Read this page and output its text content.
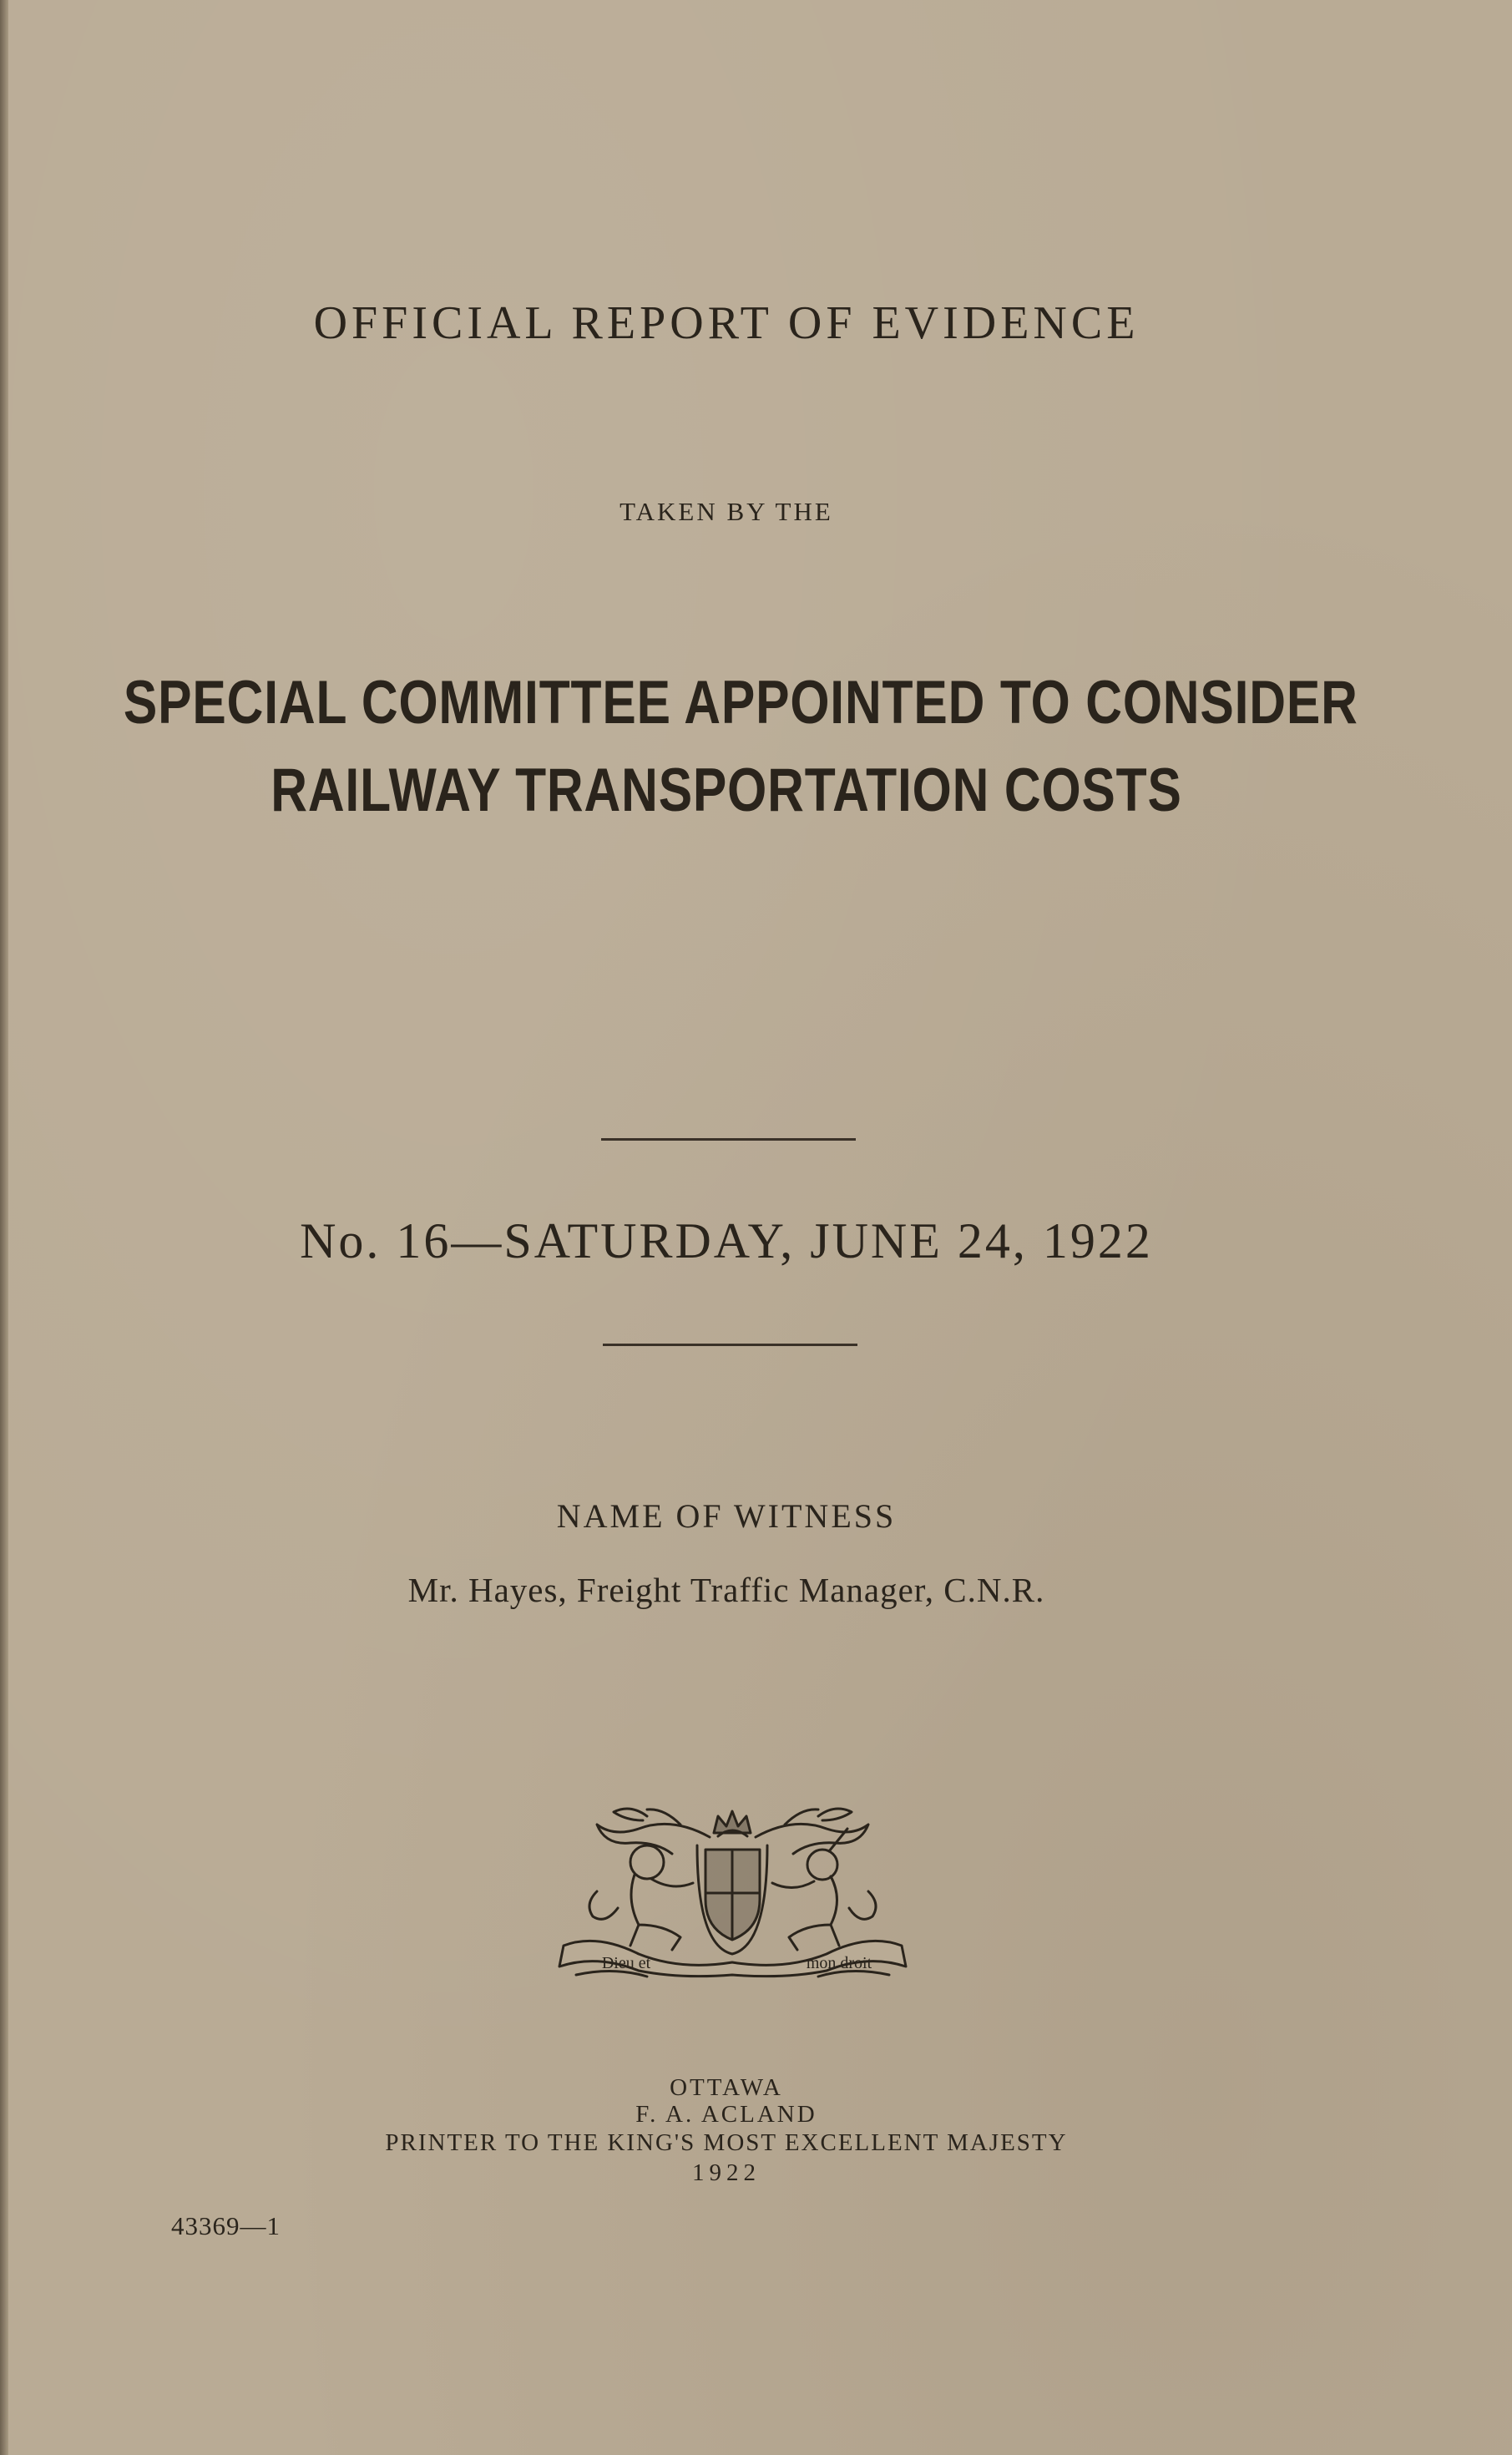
OFFICIAL REPORT OF EVIDENCE
TAKEN BY THE
SPECIAL COMMITTEE APPOINTED TO CONSIDER
RAILWAY TRANSPORTATION COSTS
No. 16—SATURDAY, JUNE 24, 1922
NAME OF WITNESS
Mr. Hayes, Freight Traffic Manager, C.N.R.
Dieu et	mon droit
OTTAWA
F. A. ACLAND
PRINTER TO THE KING'S MOST EXCELLENT MAJESTY
1922
43369—1
